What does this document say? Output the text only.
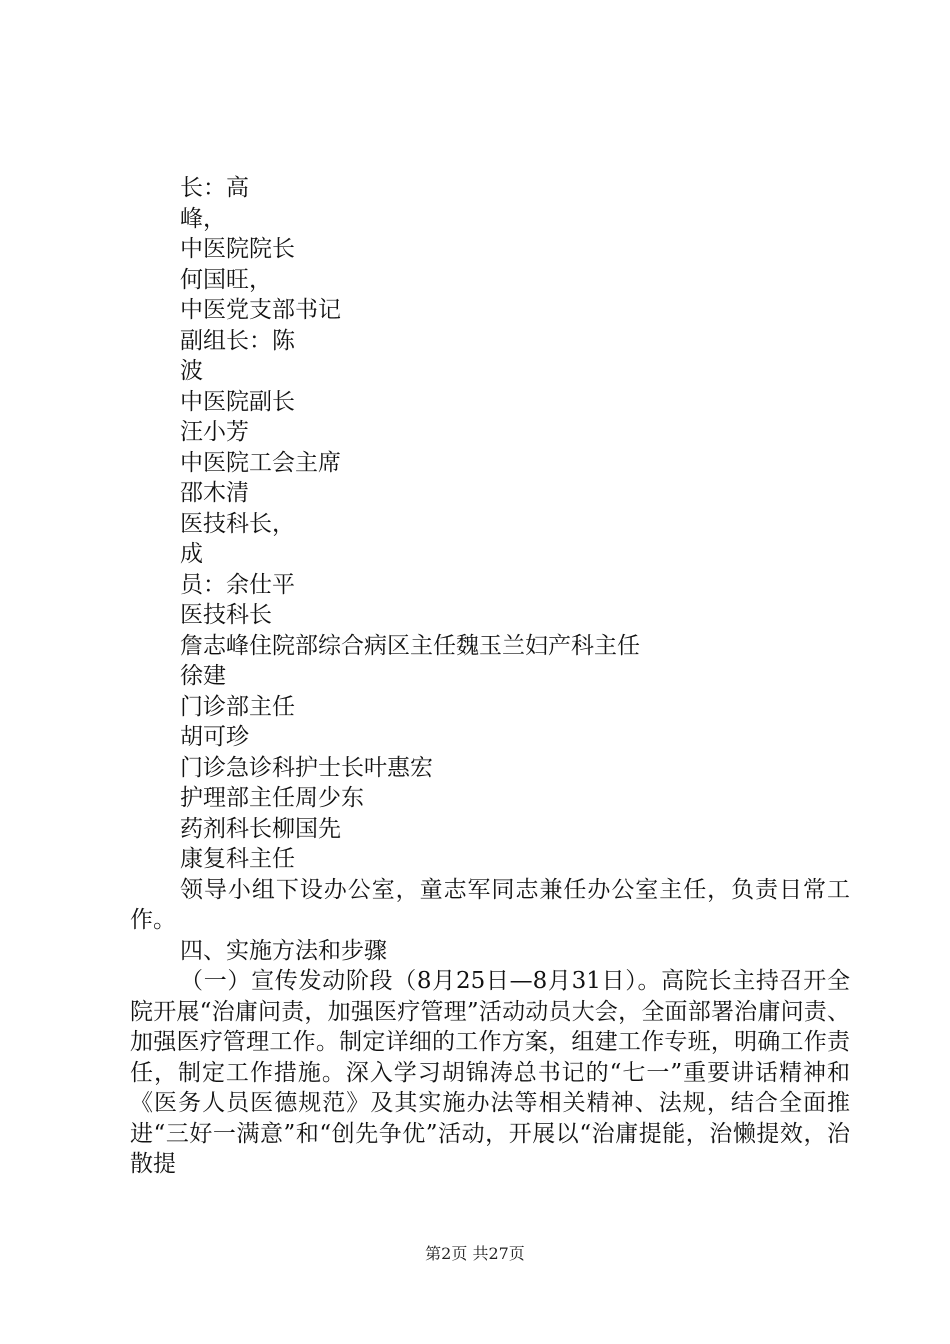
长：高
峰，
中医院院长
何国旺，
中医党支部书记
副组长：陈
波
中医院副长
汪小芳
中医院工会主席
邵木清
医技科长，
成
员：余仕平
医技科长
詹志峰住院部综合病区主任魏玉兰妇产科主任
徐建
门诊部主任
胡可珍
门诊急诊科护士长叶惠宏
护理部主任周少东
药剂科长柳国先
康复科主任

领导小组下设办公室，童志军同志兼任办公室主任，负责日常工作。

四、实施方法和步骤

（一）宣传发动阶段（8月25日—8月31日）。高院长主持召开全院开展“治庸问责，加强医疗管理”活动动员大会，全面部署治庸问责、加强医疗管理工作。制定详细的工作方案，组建工作专班，明确工作责任，制定工作措施。深入学习胡锦涛总书记的“七一”重要讲话精神和《医务人员医德规范》及其实施办法等相关精神、法规，结合全面推进“三好一满意”和“创先争优”活动，开展以“治庸提能，治懒提效，治散提

第2页 共27页
